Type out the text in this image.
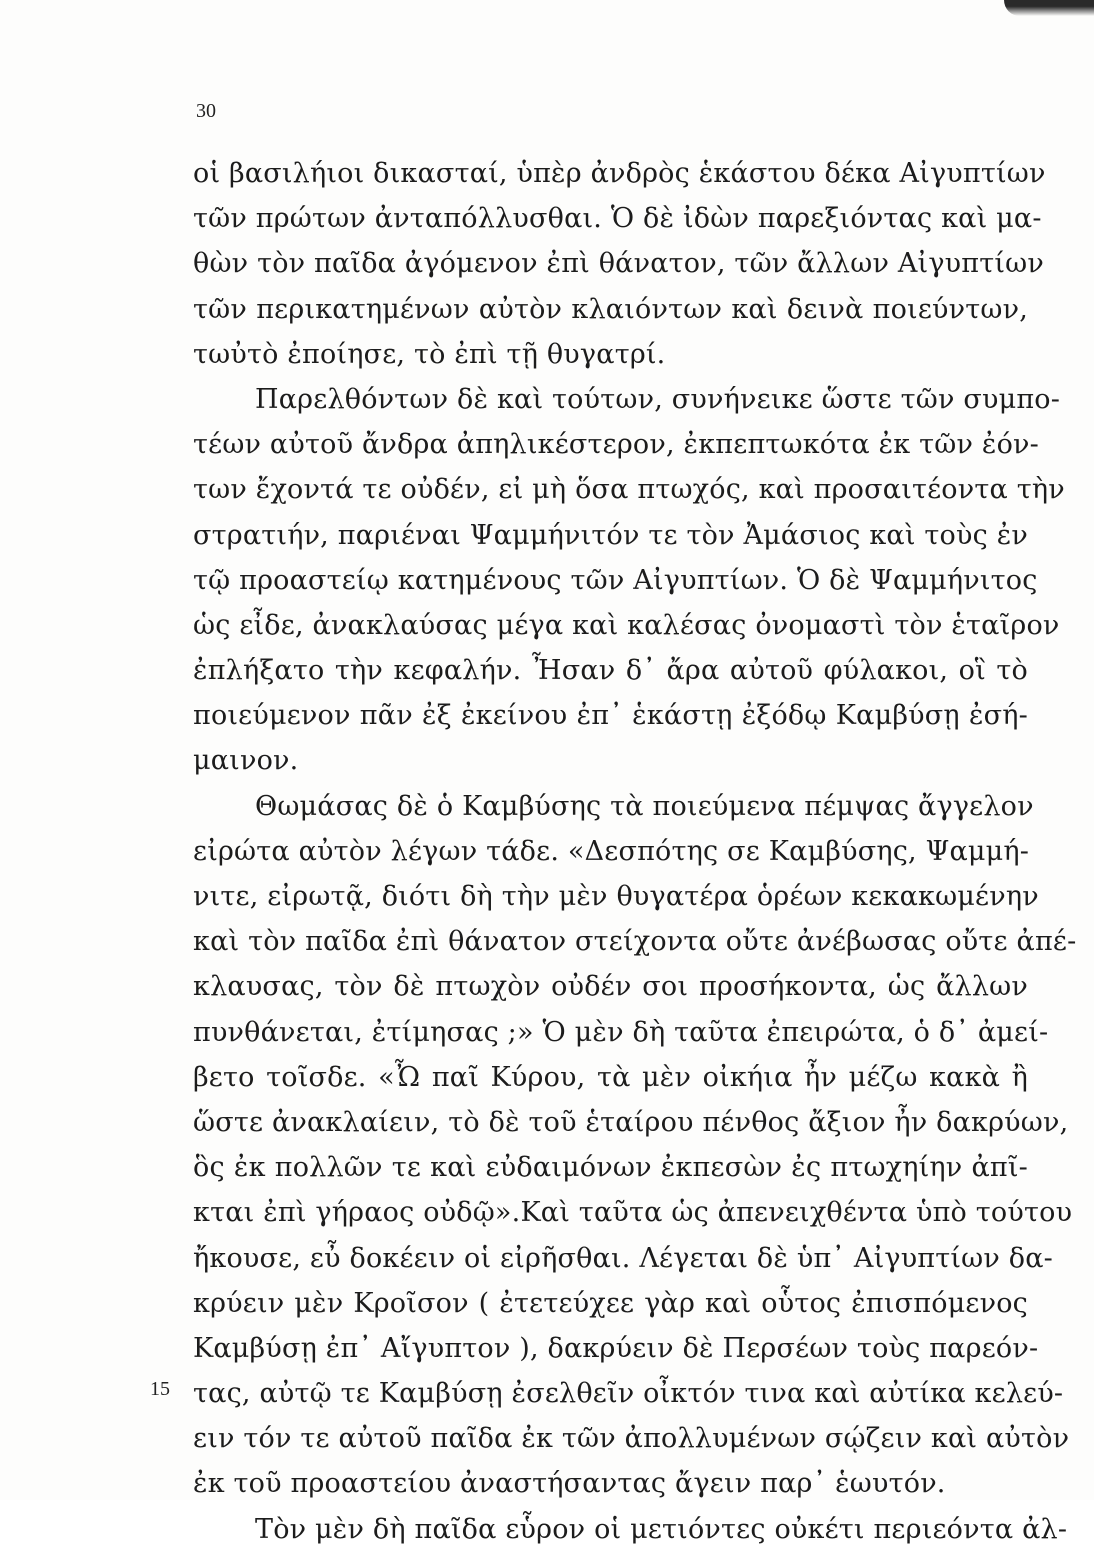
30
οἱ βασιλήιοι δικασταί, ὑπὲρ ἀνδρὸς ἑκάστου δέκα Αἰγυπτίων
τῶν πρώτων ἀνταπόλλυσθαι. Ὁ δὲ ἰδὼν παρεξιόντας καὶ μα-
θὼν τὸν παῖδα ἀγόμενον ἐπὶ θάνατον, τῶν ἄλλων Αἰγυπτίων
τῶν περικατημένων αὐτὸν κλαιόντων καὶ δεινὰ ποιεύντων,
τωὐτὸ ἐποίησε, τὸ ἐπὶ τῇ θυγατρί.
Παρελθόντων δὲ καὶ τούτων, συνήνεικε ὥστε τῶν συμπο-
τέων αὐτοῦ ἄνδρα ἀπηλικέστερον, ἐκπεπτωκότα ἐκ τῶν ἐόν-
των ἔχοντά τε οὐδέν, εἰ μὴ ὅσα πτωχός, καὶ προσαιτέοντα τὴν
στρατιήν, παριέναι Ψαμμήνιτόν τε τὸν Ἀμάσιος καὶ τοὺς ἐν
τῷ προαστείῳ κατημένους τῶν Αἰγυπτίων. Ὁ δὲ Ψαμμήνιτος
ὡς εἶδε, ἀνακλαύσας μέγα καὶ καλέσας ὀνομαστὶ τὸν ἑταῖρον
ἐπλήξατο τὴν κεφαλήν. Ἦσαν δ᾽ ἄρα αὐτοῦ φύλακοι, οἳ τὸ
ποιεύμενον πᾶν ἐξ ἐκείνου ἐπ᾽ ἑκάστῃ ἐξόδῳ Καμβύσῃ ἐσή-
μαινον.
Θωμάσας δὲ ὁ Καμβύσης τὰ ποιεύμενα πέμψας ἄγγελον
εἰρώτα αὐτὸν λέγων τάδε. «Δεσπότης σε Καμβύσης, Ψαμμή-
νιτε, εἰρωτᾷ, διότι δὴ τὴν μὲν θυγατέρα ὁρέων κεκακωμένην
καὶ τὸν παῖδα ἐπὶ θάνατον στείχοντα οὔτε ἀνέβωσας οὔτε ἀπέ-
κλαυσας, τὸν δὲ πτωχὸν οὐδέν σοι προσήκοντα, ὡς ἄλλων
πυνθάνεται, ἐτίμησας ;» Ὁ μὲν δὴ ταῦτα ἐπειρώτα, ὁ δ᾽ ἀμεί-
βετο τοῖσδε. «Ὦ παῖ Κύρου, τὰ μὲν οἰκήια ἦν μέζω κακὰ ἢ
ὥστε ἀνακλαίειν, τὸ δὲ τοῦ ἑταίρου πένθος ἄξιον ἦν δακρύων,
ὃς ἐκ πολλῶν τε καὶ εὐδαιμόνων ἐκπεσὼν ἐς πτωχηίην ἀπῖ-
κται ἐπὶ γήραος οὐδῷ».Καὶ ταῦτα ὡς ἀπενειχθέντα ὑπὸ τούτου
ἤκουσε, εὖ δοκέειν οἱ εἰρῆσθαι. Λέγεται δὲ ὑπ᾽ Αἰγυπτίων δα-
κρύειν μὲν Κροῖσον ( ἐτετεύχεε γὰρ καὶ οὗτος ἐπισπόμενος
Καμβύσῃ ἐπ᾽ Αἴγυπτον ), δακρύειν δὲ Περσέων τοὺς παρεόν-
τας, αὐτῷ τε Καμβύσῃ ἐσελθεῖν οἶκτόν τινα καὶ αὐτίκα κελεύ-
ειν τόν τε αὐτοῦ παῖδα ἐκ τῶν ἀπολλυμένων σῴζειν καὶ αὐτὸν
ἐκ τοῦ προαστείου ἀναστήσαντας ἄγειν παρ᾽ ἑωυτόν.
Τὸν μὲν δὴ παῖδα εὗρον οἱ μετιόντες οὐκέτι περιεόντα ἀλ-
15
